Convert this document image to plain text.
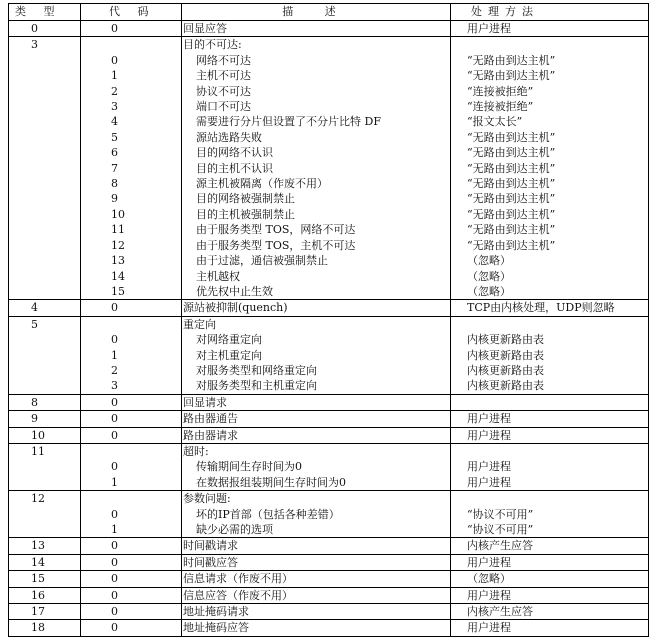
类 型	代 码	描 述	处理方法
0	0	回显应答	用户进程
3		目的不可达:	
	0	网络不可达	“无路由到达主机”
	1	主机不可达	“无路由到达主机”
	2	协议不可达	“连接被拒绝”
	3	端口不可达	“连接被拒绝”
	4	需要进行分片但设置了不分片比特 DF	“报文太长”
	5	源站选路失败	“无路由到达主机”
	6	目的网络不认识	“无路由到达主机”
	7	目的主机不认识	“无路由到达主机”
	8	源主机被隔离（作废不用）	“无路由到达主机”
	9	目的网络被强制禁止	“无路由到达主机”
	10	目的主机被强制禁止	“无路由到达主机”
	11	由于服务类型 TOS，网络不可达	“无路由到达主机”
	12	由于服务类型 TOS，主机不可达	“无路由到达主机”
	13	由于过滤，通信被强制禁止	（忽略）
	14	主机越权	（忽略）
	15	优先权中止生效	（忽略）
4	0	源站被抑制(quench)	TCP由内核处理，UDP则忽略
5		重定向	
	0	对网络重定向	内核更新路由表
	1	对主机重定向	内核更新路由表
	2	对服务类型和网络重定向	内核更新路由表
	3	对服务类型和主机重定向	内核更新路由表
8	0	回显请求	
9	0	路由器通告	用户进程
10	0	路由器请求	用户进程
11		超时:	
	0	传输期间生存时间为0	用户进程
	1	在数据报组装期间生存时间为0	用户进程
12		参数问题:	
	0	坏的IP首部（包括各种差错）	“协议不可用”
	1	缺少必需的选项	“协议不可用”
13	0	时间戳请求	内核产生应答
14	0	时间戳应答	用户进程
15	0	信息请求（作废不用）	（忽略）
16	0	信息应答（作废不用）	用户进程
17	0	地址掩码请求	内核产生应答
18	0	地址掩码应答	用户进程
